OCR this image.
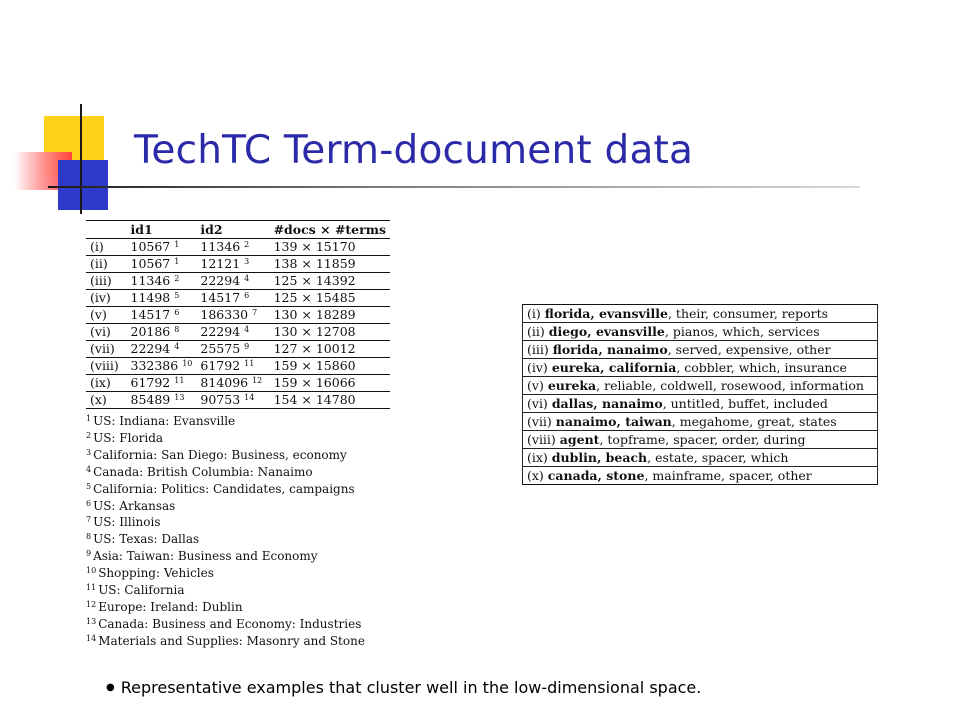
TechTC Term-document data
	id1	id2	#docs × #terms
(i)	10567 $^1$	11346 $^2$	139 × 15170
(ii)	10567 $^1$	12121 $^3$	138 × 11859
(iii)	11346 $^2$	22294 $^4$	125 × 14392
(iv)	11498 $^5$	14517 $^6$	125 × 15485
(v)	14517 $^6$	186330 $^7$	130 × 18289
(vi)	20186 $^8$	22294 $^4$	130 × 12708
(vii)	22294 $^4$	25575 $^9$	127 × 10012
(viii)	332386 $^{10}$	61792 $^{11}$	159 × 15860
(ix)	61792 $^{11}$	814096 $^{12}$	159 × 16066
(x)	85489 $^{13}$	90753 $^{14}$	154 × 14780
$^1$ US: Indiana: Evansville
$^2$ US: Florida
$^3$ California: San Diego: Business, economy
$^4$ Canada: British Columbia: Nanaimo
$^5$ California: Politics: Candidates, campaigns
$^6$ US: Arkansas
$^7$ US: Illinois
$^8$ US: Texas: Dallas
$^9$ Asia: Taiwan: Business and Economy
$^{10}$ Shopping: Vehicles
$^{11}$ US: California
$^{12}$ Europe: Ireland: Dublin
$^{13}$ Canada: Business and Economy: Industries
$^{14}$ Materials and Supplies: Masonry and Stone
(i) florida, evansville, their, consumer, reports
(ii) diego, evansville, pianos, which, services
(iii) florida, nanaimo, served, expensive, other
(iv) eureka, california, cobbler, which, insurance
(v) eureka, reliable, coldwell, rosewood, information
(vi) dallas, nanaimo, untitled, buffet, included
(vii) nanaimo, taiwan, megahome, great, states
(viii) agent, topframe, spacer, order, during
(ix) dublin, beach, estate, spacer, which
(x) canada, stone, mainframe, spacer, other
● Representative examples that cluster well in the low-dimensional space.
